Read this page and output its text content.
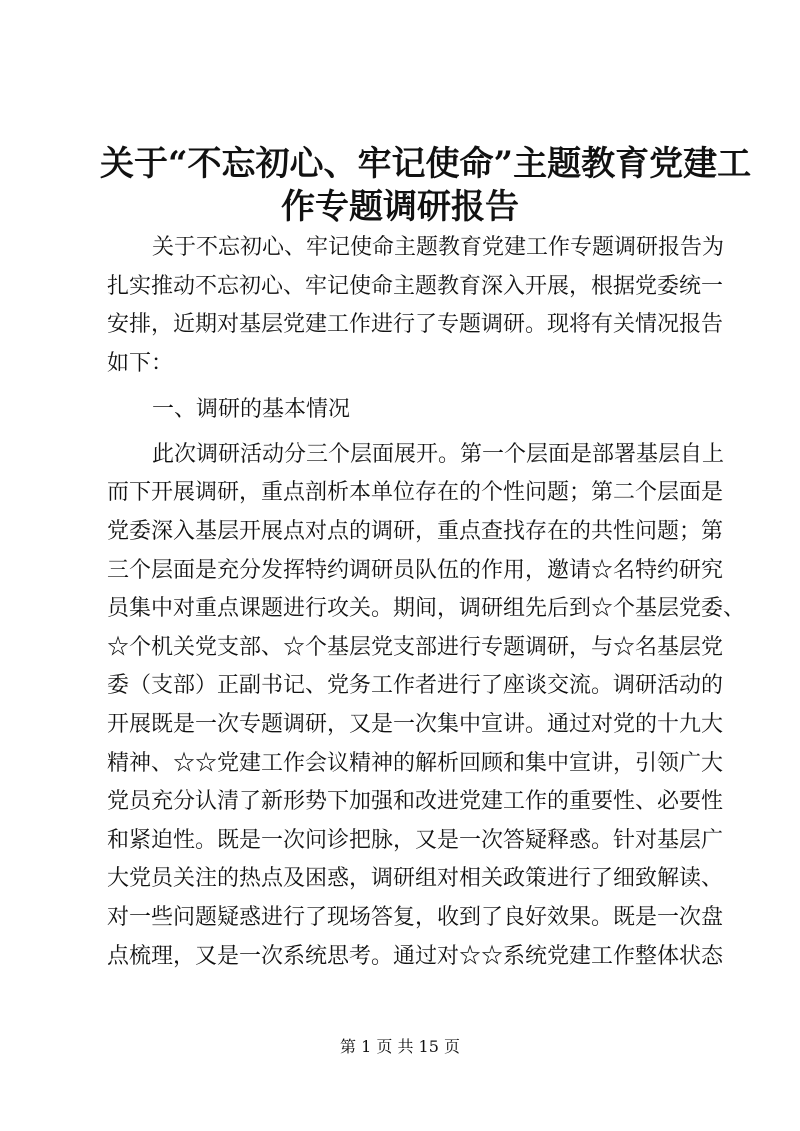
关于“不忘初心、牢记使命”主题教育党建工
作专题调研报告
关于不忘初心、牢记使命主题教育党建工作专题调研报告为
扎实推动不忘初心、牢记使命主题教育深入开展，根据党委统一
安排，近期对基层党建工作进行了专题调研。现将有关情况报告
如下：
一、调研的基本情况
此次调研活动分三个层面展开。第一个层面是部署基层自上
而下开展调研，重点剖析本单位存在的个性问题；第二个层面是
党委深入基层开展点对点的调研，重点查找存在的共性问题；第
三个层面是充分发挥特约调研员队伍的作用，邀请☆名特约研究
员集中对重点课题进行攻关。期间，调研组先后到☆个基层党委、
☆个机关党支部、☆个基层党支部进行专题调研，与☆名基层党
委（支部）正副书记、党务工作者进行了座谈交流。调研活动的
开展既是一次专题调研，又是一次集中宣讲。通过对党的十九大
精神、☆☆党建工作会议精神的解析回顾和集中宣讲，引领广大
党员充分认清了新形势下加强和改进党建工作的重要性、必要性
和紧迫性。既是一次问诊把脉，又是一次答疑释惑。针对基层广
大党员关注的热点及困惑，调研组对相关政策进行了细致解读、
对一些问题疑惑进行了现场答复，收到了良好效果。既是一次盘
点梳理，又是一次系统思考。通过对☆☆系统党建工作整体状态
第 1 页 共 15 页
